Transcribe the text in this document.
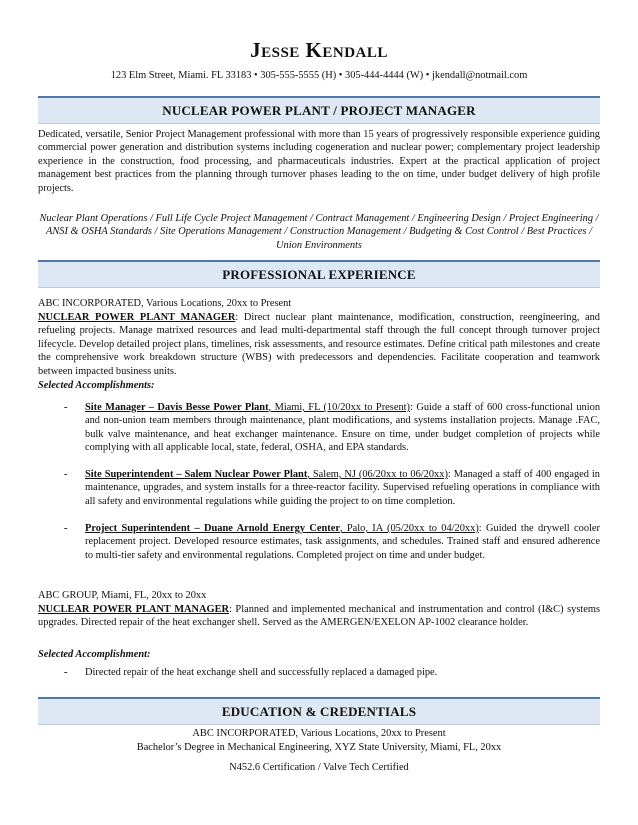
Jesse Kendall
123 Elm Street, Miami. FL 33183 • 305-555-5555 (H) • 305-444-4444 (W) • jkendall@notmail.com
NUCLEAR POWER PLANT / PROJECT MANAGER
Dedicated, versatile, Senior Project Management professional with more than 15 years of progressively responsible experience guiding commercial power generation and distribution systems including cogeneration and nuclear power; complementary project leadership experience in the construction, food processing, and pharmaceuticals industries. Expert at the practical application of project management best practices from the planning through turnover phases leading to the on time, under budget delivery of high profile projects.
Nuclear Plant Operations / Full Life Cycle Project Management / Contract Management / Engineering Design / Project Engineering / ANSI & OSHA Standards / Site Operations Management / Construction Management / Budgeting & Cost Control / Best Practices / Union Environments
PROFESSIONAL EXPERIENCE
ABC INCORPORATED, Various Locations, 20xx to Present
NUCLEAR POWER PLANT MANAGER: Direct nuclear plant maintenance, modification, construction, reengineering, and refueling projects. Manage matrixed resources and lead multi-departmental staff through the full concept through turnover project lifecycle. Develop detailed project plans, timelines, risk assessments, and resource estimates. Define critical path milestones and create the comprehensive work breakdown structure (WBS) with predecessors and dependencies. Facilitate cooperation and teamwork between impacted business units.
Selected Accomplishments:
- Site Manager – Davis Besse Power Plant, Miami, FL (10/20xx to Present): Guide a staff of 600 cross-functional union and non-union team members through maintenance, plant modifications, and systems installation projects. Manage .FAC, bulk valve maintenance, and heat exchanger maintenance. Ensure on time, under budget completion of projects while complying with all applicable local, state, federal, OSHA, and EPA standards.
- Site Superintendent – Salem Nuclear Power Plant, Salem, NJ (06/20xx to 06/20xx): Managed a staff of 400 engaged in maintenance, upgrades, and system installs for a three-reactor facility. Supervised refueling operations in compliance with all safety and environmental regulations while guiding the project to on time completion.
- Project Superintendent – Duane Arnold Energy Center, Palo, IA (05/20xx to 04/20xx): Guided the drywell cooler replacement project. Developed resource estimates, task assignments, and schedules. Trained staff and ensured adherence to multi-tier safety and environmental regulations. Completed project on time and under budget.
ABC GROUP, Miami, FL, 20xx to 20xx
NUCLEAR POWER PLANT MANAGER: Planned and implemented mechanical and instrumentation and control (I&C) systems upgrades. Directed repair of the heat exchanger shell. Served as the AMERGEN/EXELON AP-1002 clearance holder.
Selected Accomplishment:
- Directed repair of the heat exchange shell and successfully replaced a damaged pipe.
EDUCATION & CREDENTIALS
ABC INCORPORATED, Various Locations, 20xx to Present
Bachelor’s Degree in Mechanical Engineering, XYZ State University, Miami, FL, 20xx
N452.6 Certification / Valve Tech Certified
